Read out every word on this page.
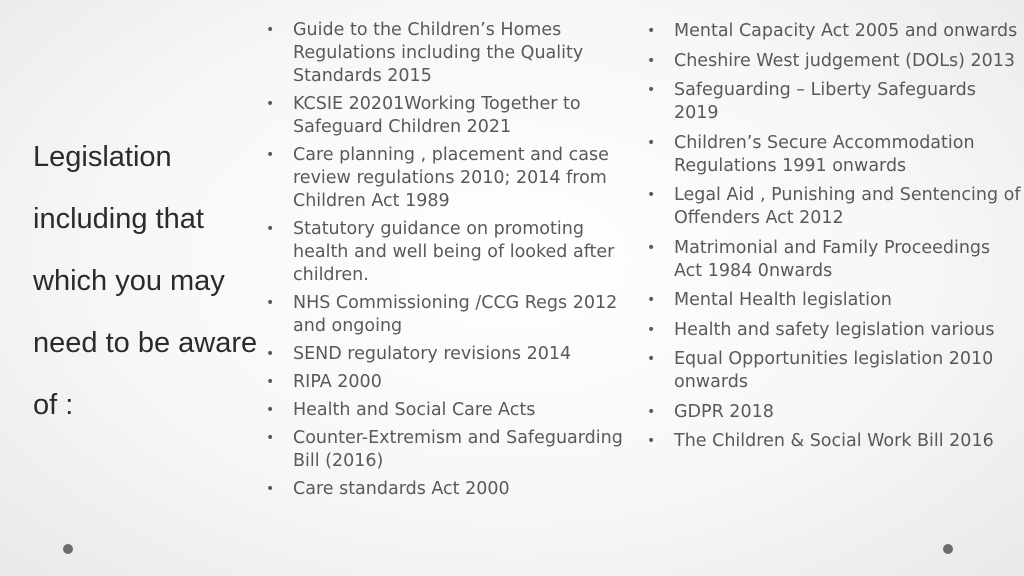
Legislation including that which you may need to be aware of :
• Guide to the Children’s Homes Regulations including the Quality Standards 2015
• KCSIE 20201Working Together to Safeguard Children 2021
• Care planning , placement and case review regulations 2010; 2014 from Children Act 1989
• Statutory guidance on promoting health and well being of looked after children.
• NHS Commissioning /CCG Regs 2012 and ongoing
• SEND regulatory revisions 2014
• RIPA 2000
• Health and Social Care Acts
• Counter-Extremism and Safeguarding Bill (2016)
• Care standards Act 2000
• Mental Capacity Act 2005 and onwards
• Cheshire West judgement (DOLs) 2013
• Safeguarding – Liberty Safeguards 2019
• Children’s Secure Accommodation Regulations 1991 onwards
• Legal Aid , Punishing and Sentencing of Offenders Act 2012
• Matrimonial and Family Proceedings Act 1984 0nwards
• Mental Health legislation
• Health and safety legislation various
• Equal Opportunities legislation 2010 onwards
• GDPR 2018
• The Children & Social Work Bill 2016
